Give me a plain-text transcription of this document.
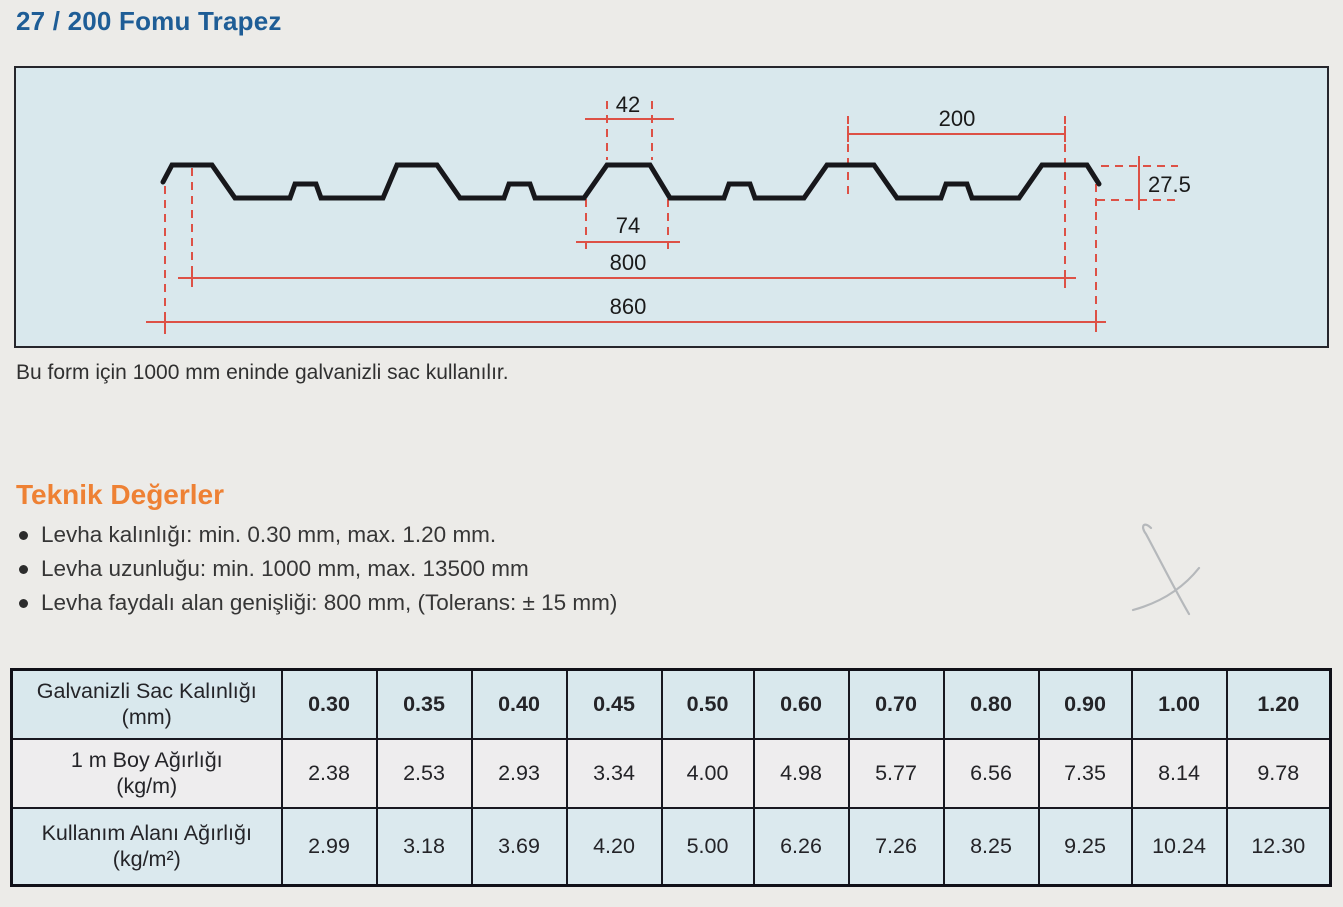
27 / 200 Fomu Trapez
42
200
27.5
74
800
860

Bu form için 1000 mm eninde galvanizli sac kullanılır.

Teknik Değerler
Levha kalınlığı: min. 0.30 mm, max. 1.20 mm.
Levha uzunluğu: min. 1000 mm, max. 13500 mm
Levha faydalı alan genişliği: 800 mm, (Tolerans: ± 15 mm)
Galvanizli Sac Kalınlığı
(mm)	0.30	0.35	0.40	0.45	0.50	0.60	0.70	0.80	0.90	1.00	1.20

1 m Boy Ağırlığı
(kg/m)	2.38	2.53	2.93	3.34	4.00	4.98	5.77	6.56	7.35	8.14	9.78

Kullanım Alanı Ağırlığı
(kg/m²)	2.99	3.18	3.69	4.20	5.00	6.26	7.26	8.25	9.25	10.24	12.30
